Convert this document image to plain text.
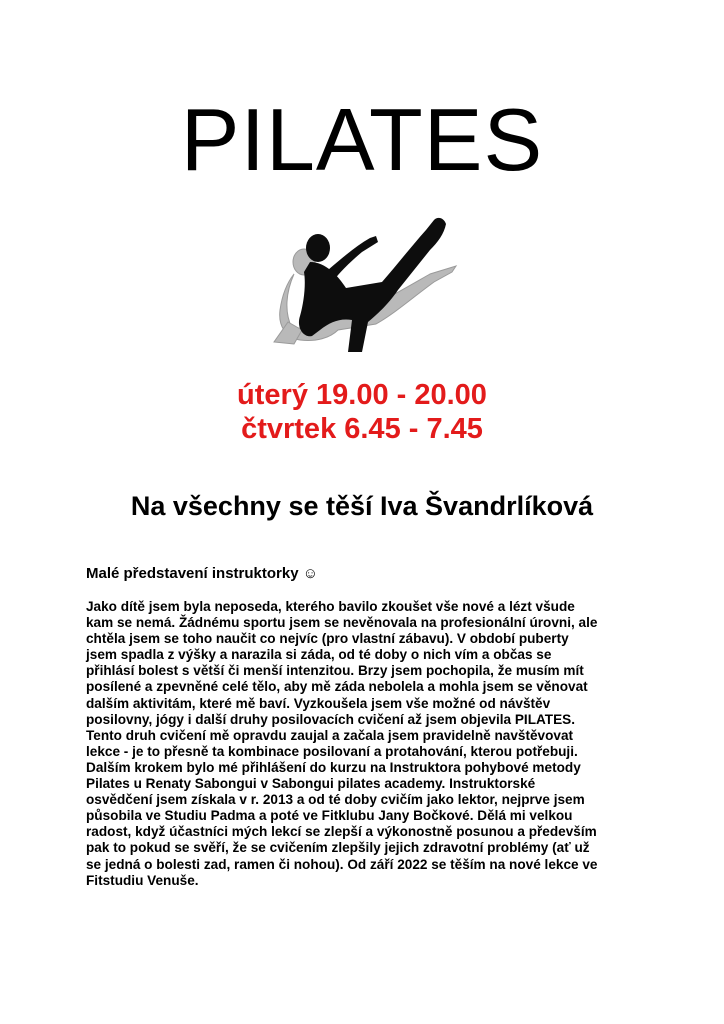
PILATES
úterý 19.00 - 20.00
čtvrtek 6.45 - 7.45
Na všechny se těší Iva Švandrlíková
Malé představení instruktorky ☺
Jako dítě jsem byla neposeda, kterého bavilo zkoušet vše nové a lézt všude
kam se nemá. Žádnému sportu jsem se nevěnovala na profesionální úrovni, ale
chtěla jsem se toho naučit co nejvíc (pro vlastní zábavu). V období puberty
jsem spadla z výšky a narazila si záda, od té doby o nich vím a občas se
přihlásí bolest s větší či menší intenzitou. Brzy jsem pochopila, že musím mít
posílené a zpevněné celé tělo, aby mě záda nebolela a mohla jsem se věnovat
dalším aktivitám, které mě baví. Vyzkoušela jsem vše možné od návštěv
posilovny, jógy i další druhy posilovacích cvičení až jsem objevila PILATES.
Tento druh cvičení mě opravdu zaujal a začala jsem pravidelně navštěvovat
lekce - je to přesně ta kombinace posilovaní a protahování, kterou potřebuji.
Dalším krokem bylo mé přihlášení do kurzu na Instruktora pohybové metody
Pilates u Renaty Sabongui v Sabongui pilates academy. Instruktorské
osvědčení jsem získala v r. 2013 a od té doby cvičím jako lektor, nejprve jsem
působila ve Studiu Padma a poté ve Fitklubu Jany Bočkové. Dělá mi velkou
radost, když účastníci mých lekcí se zlepší a výkonostně posunou a především
pak to pokud se svěří, že se cvičením zlepšily jejich zdravotní problémy (ať už
se jedná o bolesti zad, ramen či nohou). Od září 2022 se těším na nové lekce ve
Fitstudiu Venuše.
